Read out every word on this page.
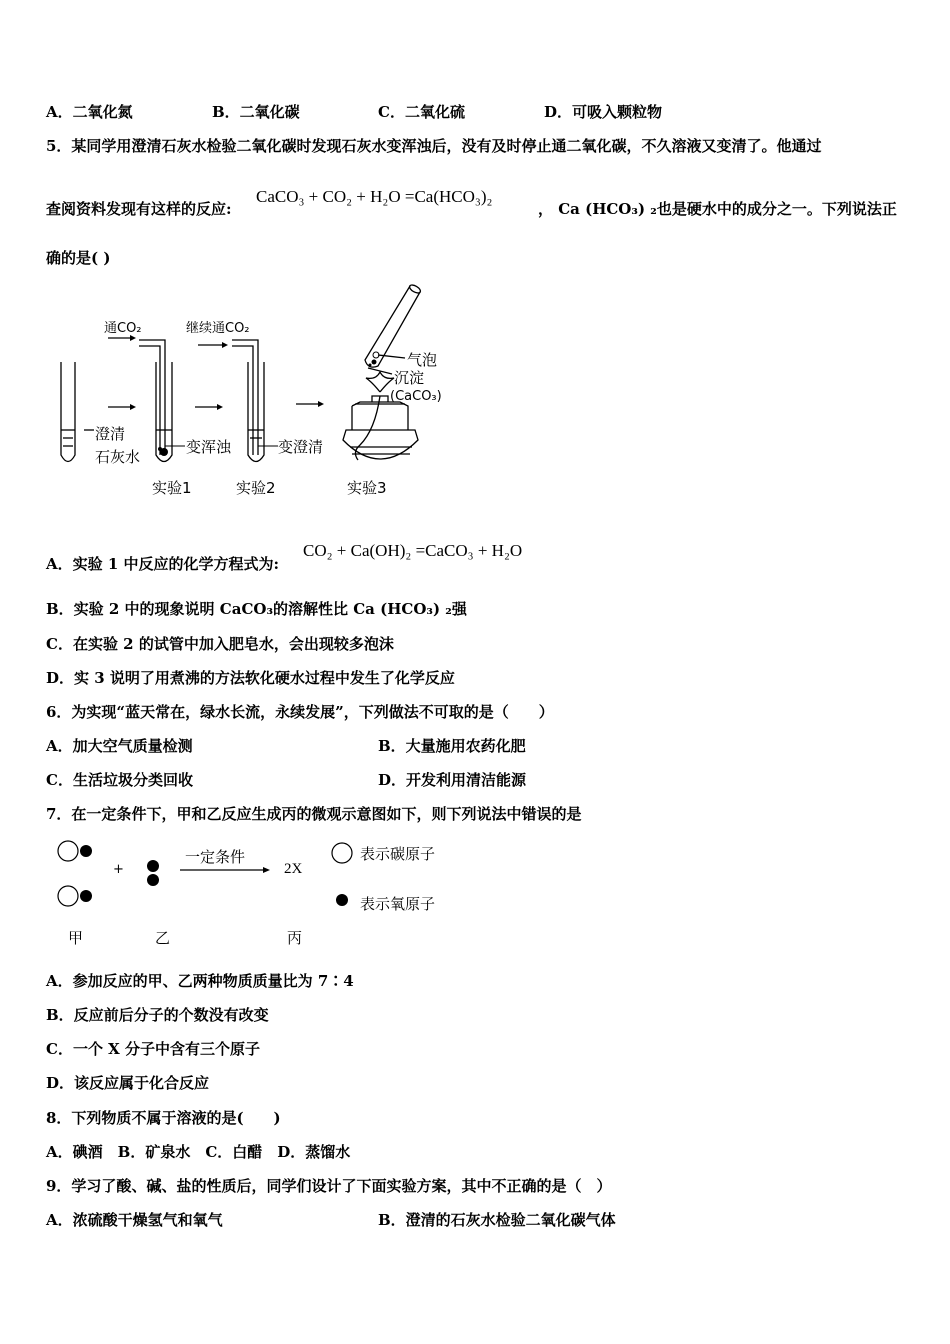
A．二氧化氮	B．二氧化碳	C．二氧化硫	D．可吸入颗粒物
5．某同学用澄清石灰水检验二氧化碳时发现石灰水变浑浊后，没有及时停止通二氧化碳，不久溶液又变清了。他通过
查阅资料发现有这样的反应:
CaCO₃ + CO₂ + H₂O =Ca(HCO₃)₂
， Ca (HCO₃) ₂也是硬水中的成分之一。下列说法正
确的是( )
通CO₂	继续通CO₂
澄清
石灰水
变浑浊	变澄清
气泡
沉淀
(CaCO₃)
实验1	实验2	实验3
A．实验 1 中反应的化学方程式为:
CO₂ + Ca(OH)₂ =CaCO₃ + H₂O
B．实验 2 中的现象说明 CaCO₃的溶解性比 Ca (HCO₃) ₂强
C．在实验 2 的试管中加入肥皂水，会出现较多泡沫
D．实 3 说明了用煮沸的方法软化硬水过程中发生了化学反应
6．为实现“蓝天常在，绿水长流，永续发展”，下列做法不可取的是（　　）
A．加大空气质量检测	B．大量施用农药化肥
C．生活垃圾分类回收	D．开发利用清洁能源
7．在一定条件下，甲和乙反应生成丙的微观示意图如下，则下列说法中错误的是
+
一定条件
2X
表示碳原子
表示氧原子
甲	乙	丙
A．参加反应的甲、乙两种物质质量比为 7∶4
B．反应前后分子的个数没有改变
C．一个 X 分子中含有三个原子
D．该反应属于化合反应
8．下列物质不属于溶液的是(　　)
A．碘酒　B．矿泉水　C．白醋　D．蒸馏水
9．学习了酸、碱、盐的性质后，同学们设计了下面实验方案，其中不正确的是（　）
A．浓硫酸干燥氢气和氧气	B．澄清的石灰水检验二氧化碳气体
